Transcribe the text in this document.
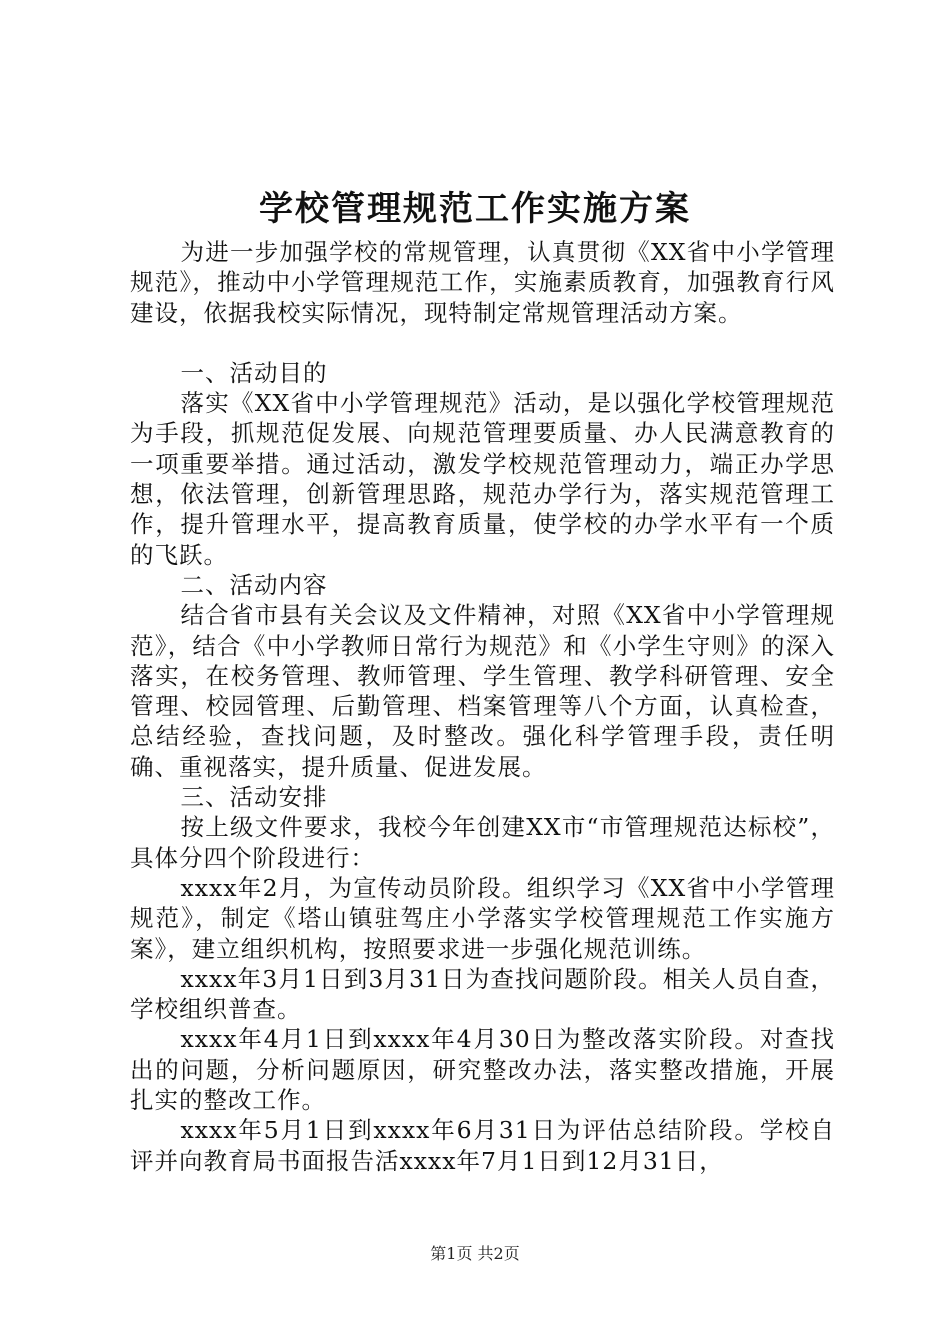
学校管理规范工作实施方案

为进一步加强学校的常规管理，认真贯彻《XX省中小学管理规范》，推动中小学管理规范工作，实施素质教育，加强教育行风建设，依据我校实际情况，现特制定常规管理活动方案。

一、活动目的

落实《XX省中小学管理规范》活动，是以强化学校管理规范为手段，抓规范促发展、向规范管理要质量、办人民满意教育的一项重要举措。通过活动，激发学校规范管理动力，端正办学思想，依法管理，创新管理思路，规范办学行为，落实规范管理工作，提升管理水平，提高教育质量，使学校的办学水平有一个质的飞跃。

二、活动内容

结合省市县有关会议及文件精神，对照《XX省中小学管理规范》，结合《中小学教师日常行为规范》和《小学生守则》的深入落实，在校务管理、教师管理、学生管理、教学科研管理、安全管理、校园管理、后勤管理、档案管理等八个方面，认真检查，总结经验，查找问题，及时整改。强化科学管理手段，责任明确、重视落实，提升质量、促进发展。

三、活动安排

按上级文件要求，我校今年创建XX市“市管理规范达标校”，具体分四个阶段进行：

xxxx年2月，为宣传动员阶段。组织学习《XX省中小学管理规范》，制定《塔山镇驻驾庄小学落实学校管理规范工作实施方案》，建立组织机构，按照要求进一步强化规范训练。

xxxx年3月1日到3月31日为查找问题阶段。相关人员自查，学校组织普查。

xxxx年4月1日到xxxx年4月30日为整改落实阶段。对查找出的问题，分析问题原因，研究整改办法，落实整改措施，开展扎实的整改工作。

xxxx年5月1日到xxxx年6月31日为评估总结阶段。学校自评并向教育局书面报告活xxxx年7月1日到12月31日，

第1页 共2页
